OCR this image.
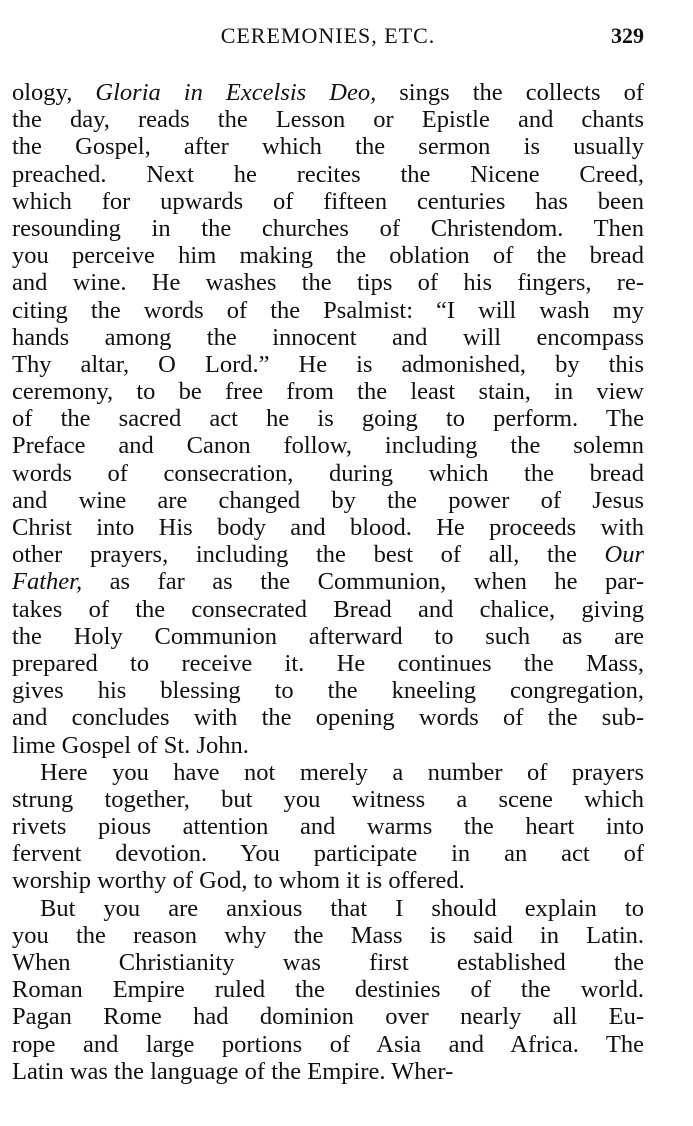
CEREMONIES, ETC.	329
ology, Gloria in Excelsis Deo, sings the collects of
the day, reads the Lesson or Epistle and chants
the Gospel, after which the sermon is usually
preached. Next he recites the Nicene Creed,
which for upwards of fifteen centuries has been
resounding in the churches of Christendom. Then
you perceive him making the oblation of the bread
and wine. He washes the tips of his fingers, re-
citing the words of the Psalmist: “I will wash my
hands among the innocent and will encompass
Thy altar, O Lord.” He is admonished, by this
ceremony, to be free from the least stain, in view
of the sacred act he is going to perform. The
Preface and Canon follow, including the solemn
words of consecration, during which the bread
and wine are changed by the power of Jesus
Christ into His body and blood. He proceeds with
other prayers, including the best of all, the Our
Father, as far as the Communion, when he par-
takes of the consecrated Bread and chalice, giving
the Holy Communion afterward to such as are
prepared to receive it. He continues the Mass,
gives his blessing to the kneeling congregation,
and concludes with the opening words of the sub-
lime Gospel of St. John.
Here you have not merely a number of prayers
strung together, but you witness a scene which
rivets pious attention and warms the heart into
fervent devotion. You participate in an act of
worship worthy of God, to whom it is offered.
But you are anxious that I should explain to
you the reason why the Mass is said in Latin.
When Christianity was first established the
Roman Empire ruled the destinies of the world.
Pagan Rome had dominion over nearly all Eu-
rope and large portions of Asia and Africa. The
Latin was the language of the Empire. Wher-
